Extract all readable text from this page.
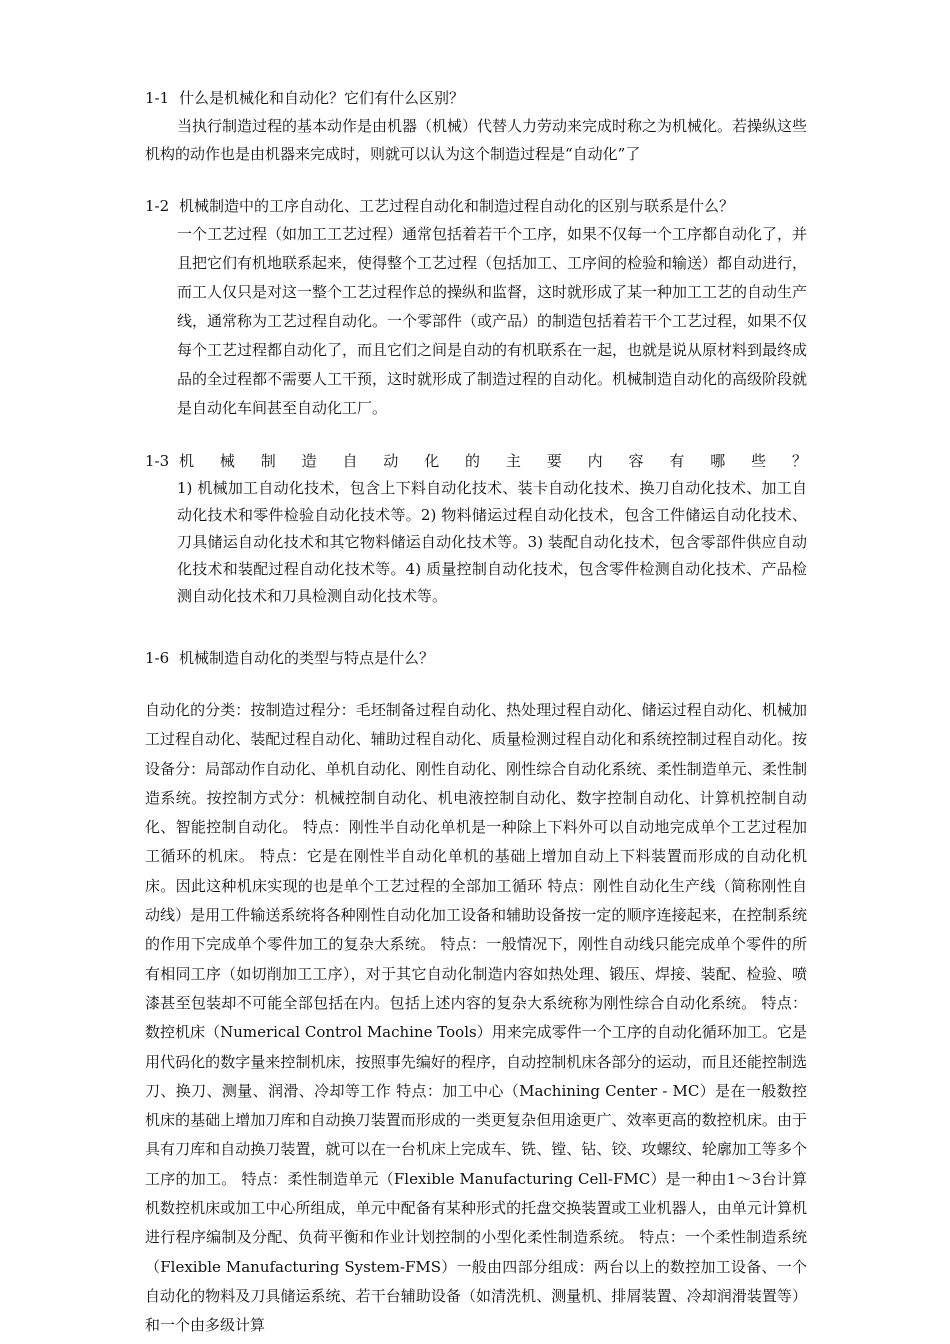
1-1 什么是机械化和自动化？它们有什么区别？
当执行制造过程的基本动作是由机器（机械）代替人力劳动来完成时称之为机械化。若操纵这些机构的动作也是由机器来完成时，则就可以认为这个制造过程是“自动化”了
1-2 机械制造中的工序自动化、工艺过程自动化和制造过程自动化的区别与联系是什么？
一个工艺过程（如加工工艺过程）通常包括着若干个工序，如果不仅每一个工序都自动化了，并且把它们有机地联系起来，使得整个工艺过程（包括加工、工序间的检验和输送）都自动进行，而工人仅只是对这一整个工艺过程作总的操纵和监督，这时就形成了某一种加工工艺的自动生产线，通常称为工艺过程自动化。一个零部件（或产品）的制造包括着若干个工艺过程，如果不仅每个工艺过程都自动化了，而且它们之间是自动的有机联系在一起，也就是说从原材料到最终成品的全过程都不需要人工干预，这时就形成了制造过程的自动化。机械制造自动化的高级阶段就是自动化车间甚至自动化工厂。
1-3 机械制造自动化的主要内容有哪些？
1) 机械加工自动化技术，包含上下料自动化技术、装卡自动化技术、换刀自动化技术、加工自动化技术和零件检验自动化技术等。2) 物料储运过程自动化技术，包含工件储运自动化技术、刀具储运自动化技术和其它物料储运自动化技术等。3) 装配自动化技术，包含零部件供应自动化技术和装配过程自动化技术等。4) 质量控制自动化技术，包含零件检测自动化技术、产品检测自动化技术和刀具检测自动化技术等。
1-6 机械制造自动化的类型与特点是什么？
自动化的分类：按制造过程分：毛坯制备过程自动化、热处理过程自动化、储运过程自动化、机械加工过程自动化、装配过程自动化、辅助过程自动化、质量检测过程自动化和系统控制过程自动化。按设备分：局部动作自动化、单机自动化、刚性自动化、刚性综合自动化系统、柔性制造单元、柔性制造系统。按控制方式分：机械控制自动化、机电液控制自动化、数字控制自动化、计算机控制自动化、智能控制自动化。 特点：刚性半自动化单机是一种除上下料外可以自动地完成单个工艺过程加工循环的机床。 特点：它是在刚性半自动化单机的基础上增加自动上下料装置而形成的自动化机床。因此这种机床实现的也是单个工艺过程的全部加工循环 特点：刚性自动化生产线（简称刚性自动线）是用工件输送系统将各种刚性自动化加工设备和辅助设备按一定的顺序连接起来，在控制系统的作用下完成单个零件加工的复杂大系统。 特点：一般情况下，刚性自动线只能完成单个零件的所有相同工序（如切削加工工序），对于其它自动化制造内容如热处理、锻压、焊接、装配、检验、喷漆甚至包装却不可能全部包括在内。包括上述内容的复杂大系统称为刚性综合自动化系统。 特点：数控机床（Numerical Control Machine Tools）用来完成零件一个工序的自动化循环加工。它是用代码化的数字量来控制机床，按照事先编好的程序，自动控制机床各部分的运动，而且还能控制选刀、换刀、测量、润滑、冷却等工作 特点：加工中心（Machining Center - MC）是在一般数控机床的基础上增加刀库和自动换刀装置而形成的一类更复杂但用途更广、效率更高的数控机床。由于具有刀库和自动换刀装置，就可以在一台机床上完成车、铣、镗、钻、铰、攻螺纹、轮廓加工等多个工序的加工。 特点：柔性制造单元（Flexible Manufacturing Cell-FMC）是一种由1～3台计算机数控机床或加工中心所组成，单元中配备有某种形式的托盘交换装置或工业机器人，由单元计算机进行程序编制及分配、负荷平衡和作业计划控制的小型化柔性制造系统。 特点：一个柔性制造系统（Flexible Manufacturing System-FMS）一般由四部分组成：两台以上的数控加工设备、一个自动化的物料及刀具储运系统、若干台辅助设备（如清洗机、测量机、排屑装置、冷却润滑装置等）和一个由多级计算
